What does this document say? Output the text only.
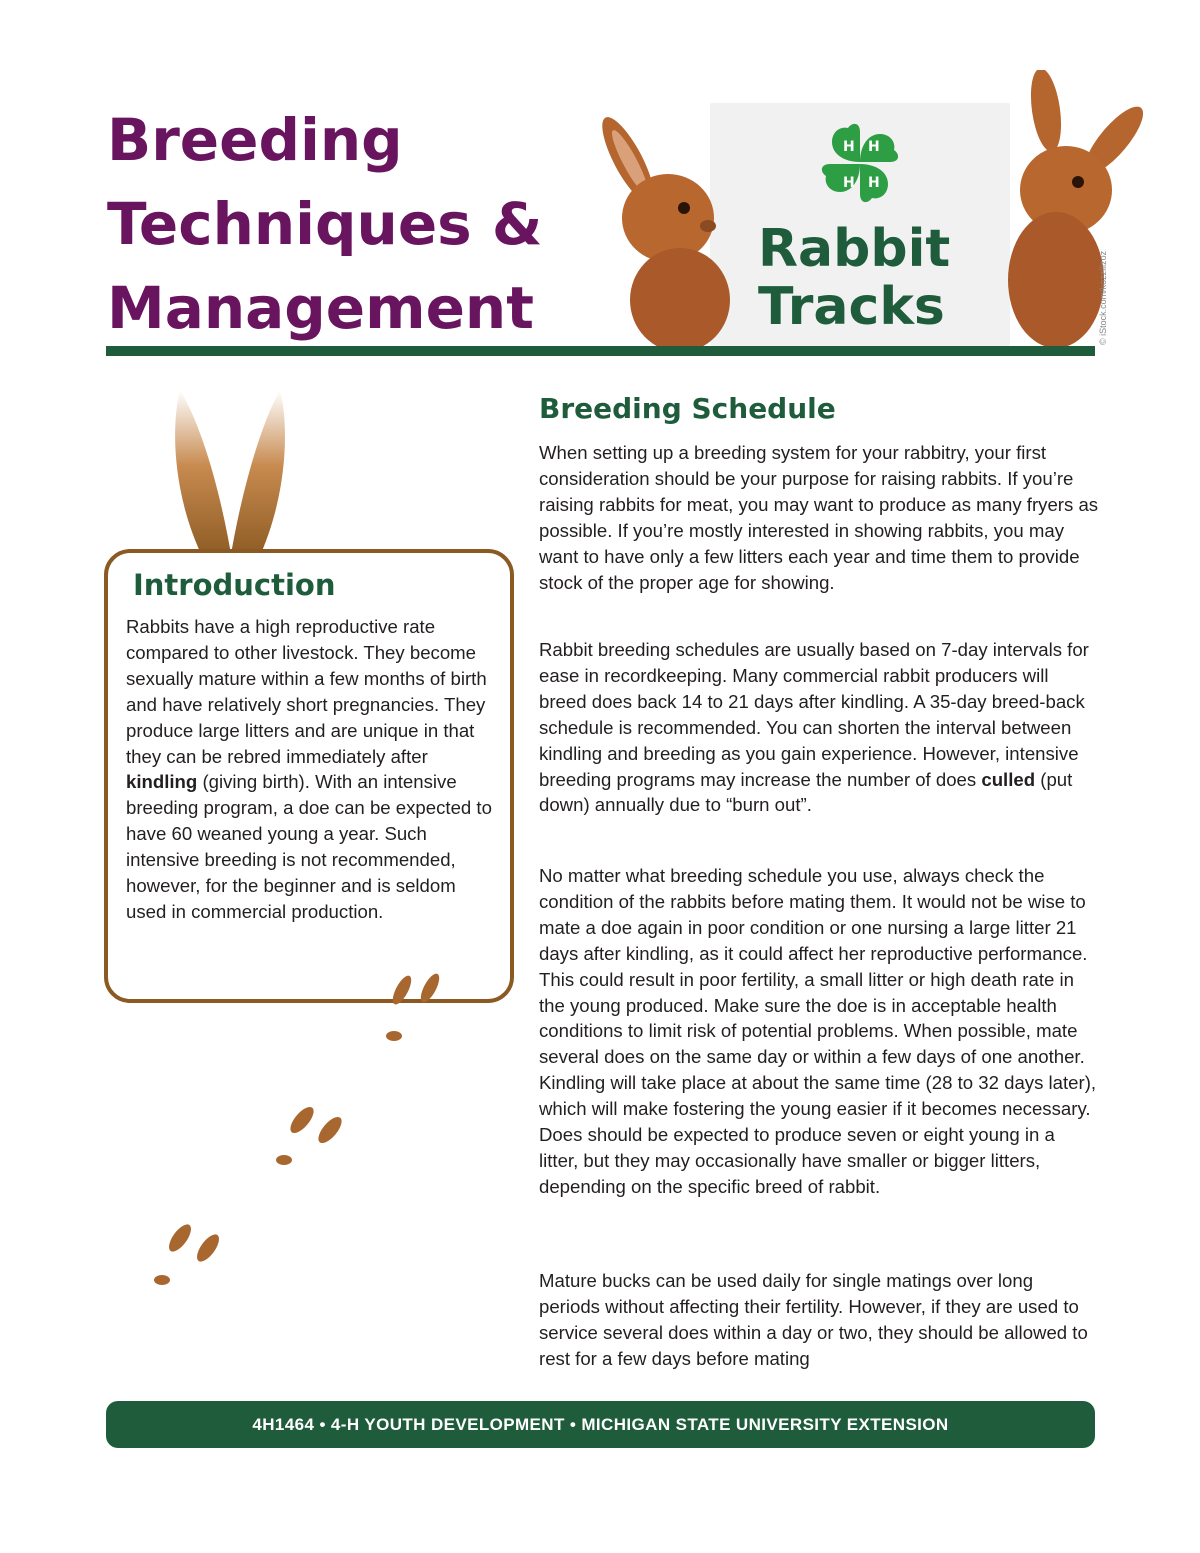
Breeding
Techniques &
Management
H H
H
H
Rabbit
Tracks	© iStock.com/kozzilizoz
Introduction

Rabbits have a high reproductive rate compared to other livestock. They become sexually mature within a few months of birth and have relatively short pregnancies. They produce large litters and are unique in that they can be rebred immediately after kindling (giving birth). With an intensive breeding program, a doe can be expected to have 60 weaned young a year. Such intensive breeding is not recommended, however, for the beginner and is seldom used in commercial production.

Breeding Schedule

When setting up a breeding system for your rabbitry, your first consideration should be your purpose for raising rabbits. If you’re raising rabbits for meat, you may want to produce as many fryers as possible. If you’re mostly interested in showing rabbits, you may want to have only a few litters each year and time them to provide stock of the proper age for showing.

Rabbit breeding schedules are usually based on 7-day intervals for ease in recordkeeping. Many commercial rabbit producers will breed does back 14 to 21 days after kindling. A 35-day breed-back schedule is recommended. You can shorten the interval between kindling and breeding as you gain experience. However, intensive breeding programs may increase the number of does culled (put down) annually due to “burn out”.

No matter what breeding schedule you use, always check the condition of the rabbits before mating them. It would not be wise to mate a doe again in poor condition or one nursing a large litter 21 days after kindling, as it could affect her reproductive performance. This could result in poor fertility, a small litter or high death rate in the young produced. Make sure the doe is in acceptable health conditions to limit risk of potential problems. When possible, mate several does on the same day or within a few days of one another. Kindling will take place at about the same time (28 to 32 days later), which will make fostering the young easier if it becomes necessary. Does should be expected to produce seven or eight young in a litter, but they may occasionally have smaller or bigger litters, depending on the specific breed of rabbit.

Mature bucks can be used daily for single matings over long periods without affecting their fertility. However, if they are used to service several does within a day or two, they should be allowed to rest for a few days before mating

4H1464 • 4-H YOUTH DEVELOPMENT • MICHIGAN STATE UNIVERSITY EXTENSION
